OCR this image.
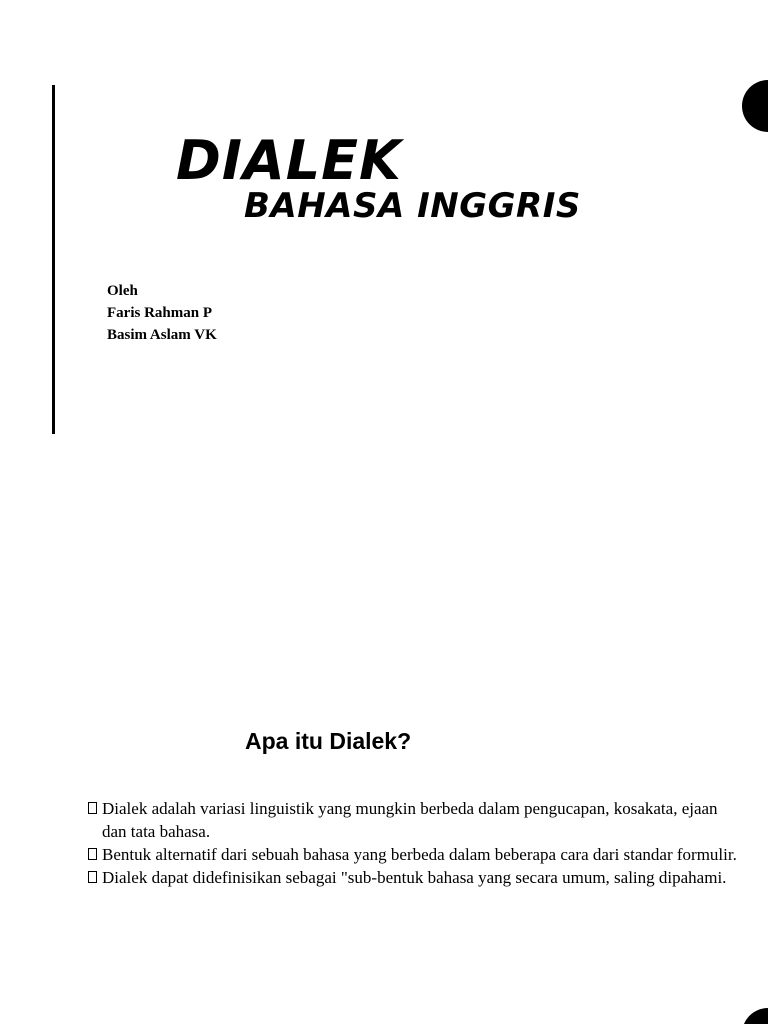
DIALEK
BAHASA INGGRIS
Oleh
Faris Rahman P
Basim Aslam VK
Apa itu Dialek?
Dialek adalah variasi linguistik yang mungkin berbeda dalam pengucapan, kosakata, ejaan dan tata bahasa.
Bentuk alternatif dari sebuah bahasa yang berbeda dalam beberapa cara dari standar formulir.
Dialek dapat didefinisikan sebagai "sub-bentuk bahasa yang secara umum, saling dipahami.
